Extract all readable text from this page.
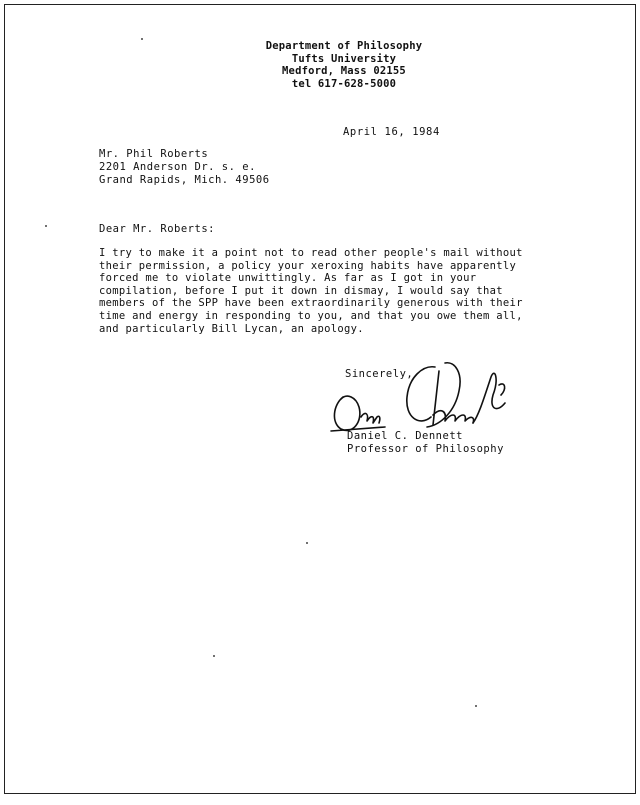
Department of Philosophy
Tufts University
Medford, Mass 02155
tel 617-628-5000
April 16, 1984
Mr. Phil Roberts
2201 Anderson Dr. s. e.
Grand Rapids, Mich. 49506
Dear Mr. Roberts:
I try to make it a point not to read other people's mail without
their permission, a policy your xeroxing habits have apparently
forced me to violate unwittingly. As far as I got in your
compilation, before I put it down in dismay, I would say that
members of the SPP have been extraordinarily generous with their
time and energy in responding to you, and that you owe them all,
and particularly Bill Lycan, an apology.
Sincerely,
Daniel C. Dennett
Professor of Philosophy
